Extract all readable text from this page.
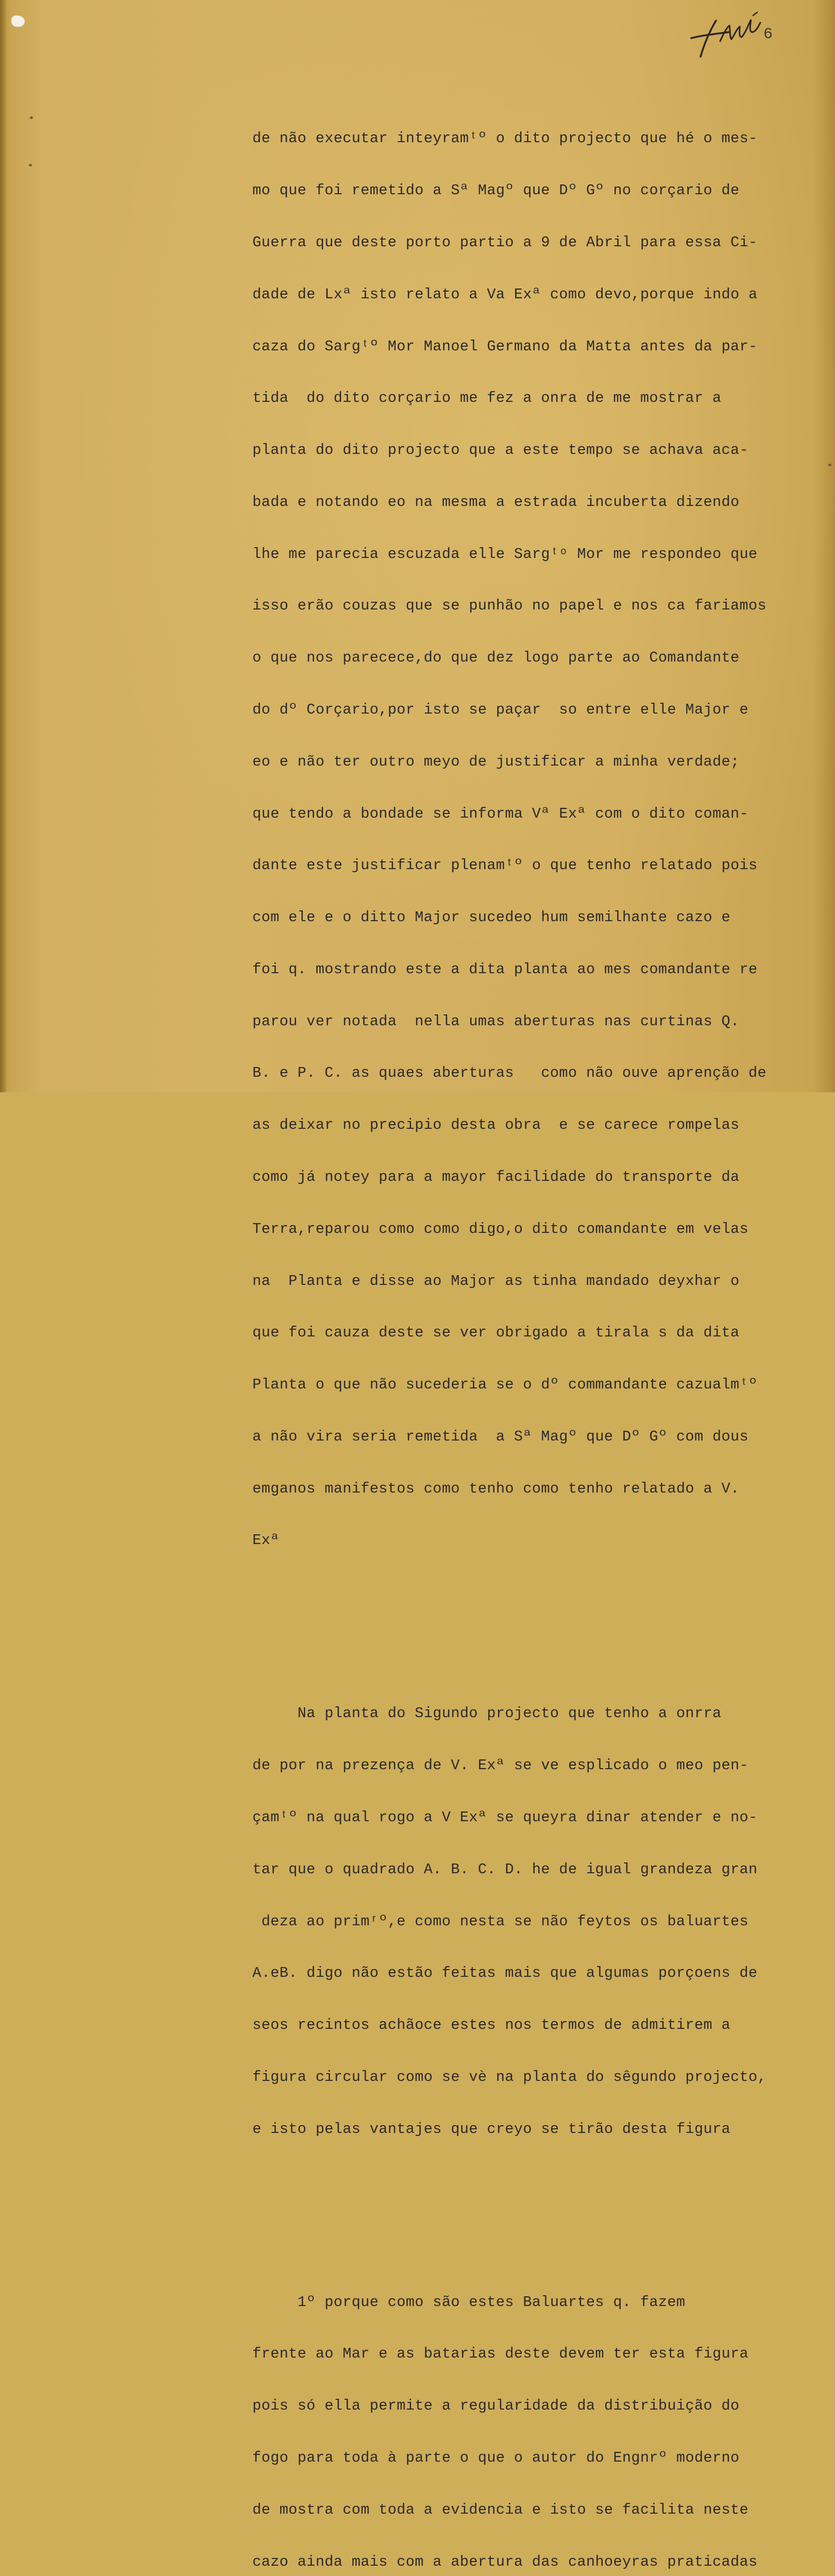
6

de não executar inteyramᵗº o dito projecto que hé o mes-

mo que foi remetido a Sª Magº que Dº Gº no corçario de

Guerra que deste porto partio a 9 de Abril para essa Ci-

dade de Lxª isto relato a Va Exª como devo,porque indo a

caza do Sargᵗº Mor Manoel Germano da Matta antes da par-

tida  do dito corçario me fez a onra de me mostrar a

planta do dito projecto que a este tempo se achava aca-

bada e notando eo na mesma a estrada incuberta dizendo

lhe me parecia escuzada elle Sargᵗᵒ Mor me respondeo que

isso erão couzas que se punhão no papel e nos ca fariamos

o que nos parecece,do que dez logo parte ao Comandante

do dº Corçario,por isto se paçar  so entre elle Major e

eo e não ter outro meyo de justificar a minha verdade;

que tendo a bondade se informa Vª Exª com o dito coman-

dante este justificar plenamᵗº o que tenho relatado pois

com ele e o ditto Major sucedeo hum semilhante cazo e

foi q. mostrando este a dita planta ao mes comandante re

parou ver notada  nella umas aberturas nas curtinas Q.

B. e P. C. as quaes aberturas   como não ouve aprenção de

as deixar no precipio desta obra  e se carece rompelas

como já notey para a mayor facilidade do transporte da

Terra,reparou como como digo,o dito comandante em velas

na  Planta e disse ao Major as tinha mandado deyxhar o

que foi cauza deste se ver obrigado a tirala s da dita

Planta o que não sucederia se o dº commandante cazualmᵗº

a não vira seria remetida  a Sª Magº que Dº Gº com dous

emganos manifestos como tenho como tenho relatado a V.

Exª

Na planta do Sigundo projecto que tenho a onrra

de por na prezença de V. Exª se ve esplicado o meo pen-

çamᵗº na qual rogo a V Exª se queyra dinar atender e no-

tar que o quadrado A. B. C. D. he de igual grandeza gran

deza ao primʳº,e como nesta se não feytos os baluartes

A.eB. digo não estão feitas mais que algumas porçoens de

seos recintos achãoce estes nos termos de admitirem a

figura circular como se vè na planta do sêgundo projecto,

e isto pelas vantajes que creyo se tirão desta figura

1º porque como são estes Baluartes q. fazem

frente ao Mar e as batarias deste devem ter esta figura

pois só ella permite a regularidade da distribuição do

fogo para toda à parte o que o autor do Engnrº moderno

de mostra com toda a evidencia e isto se facilita neste

cazo ainda mais com a abertura das canhoeyras praticadas
